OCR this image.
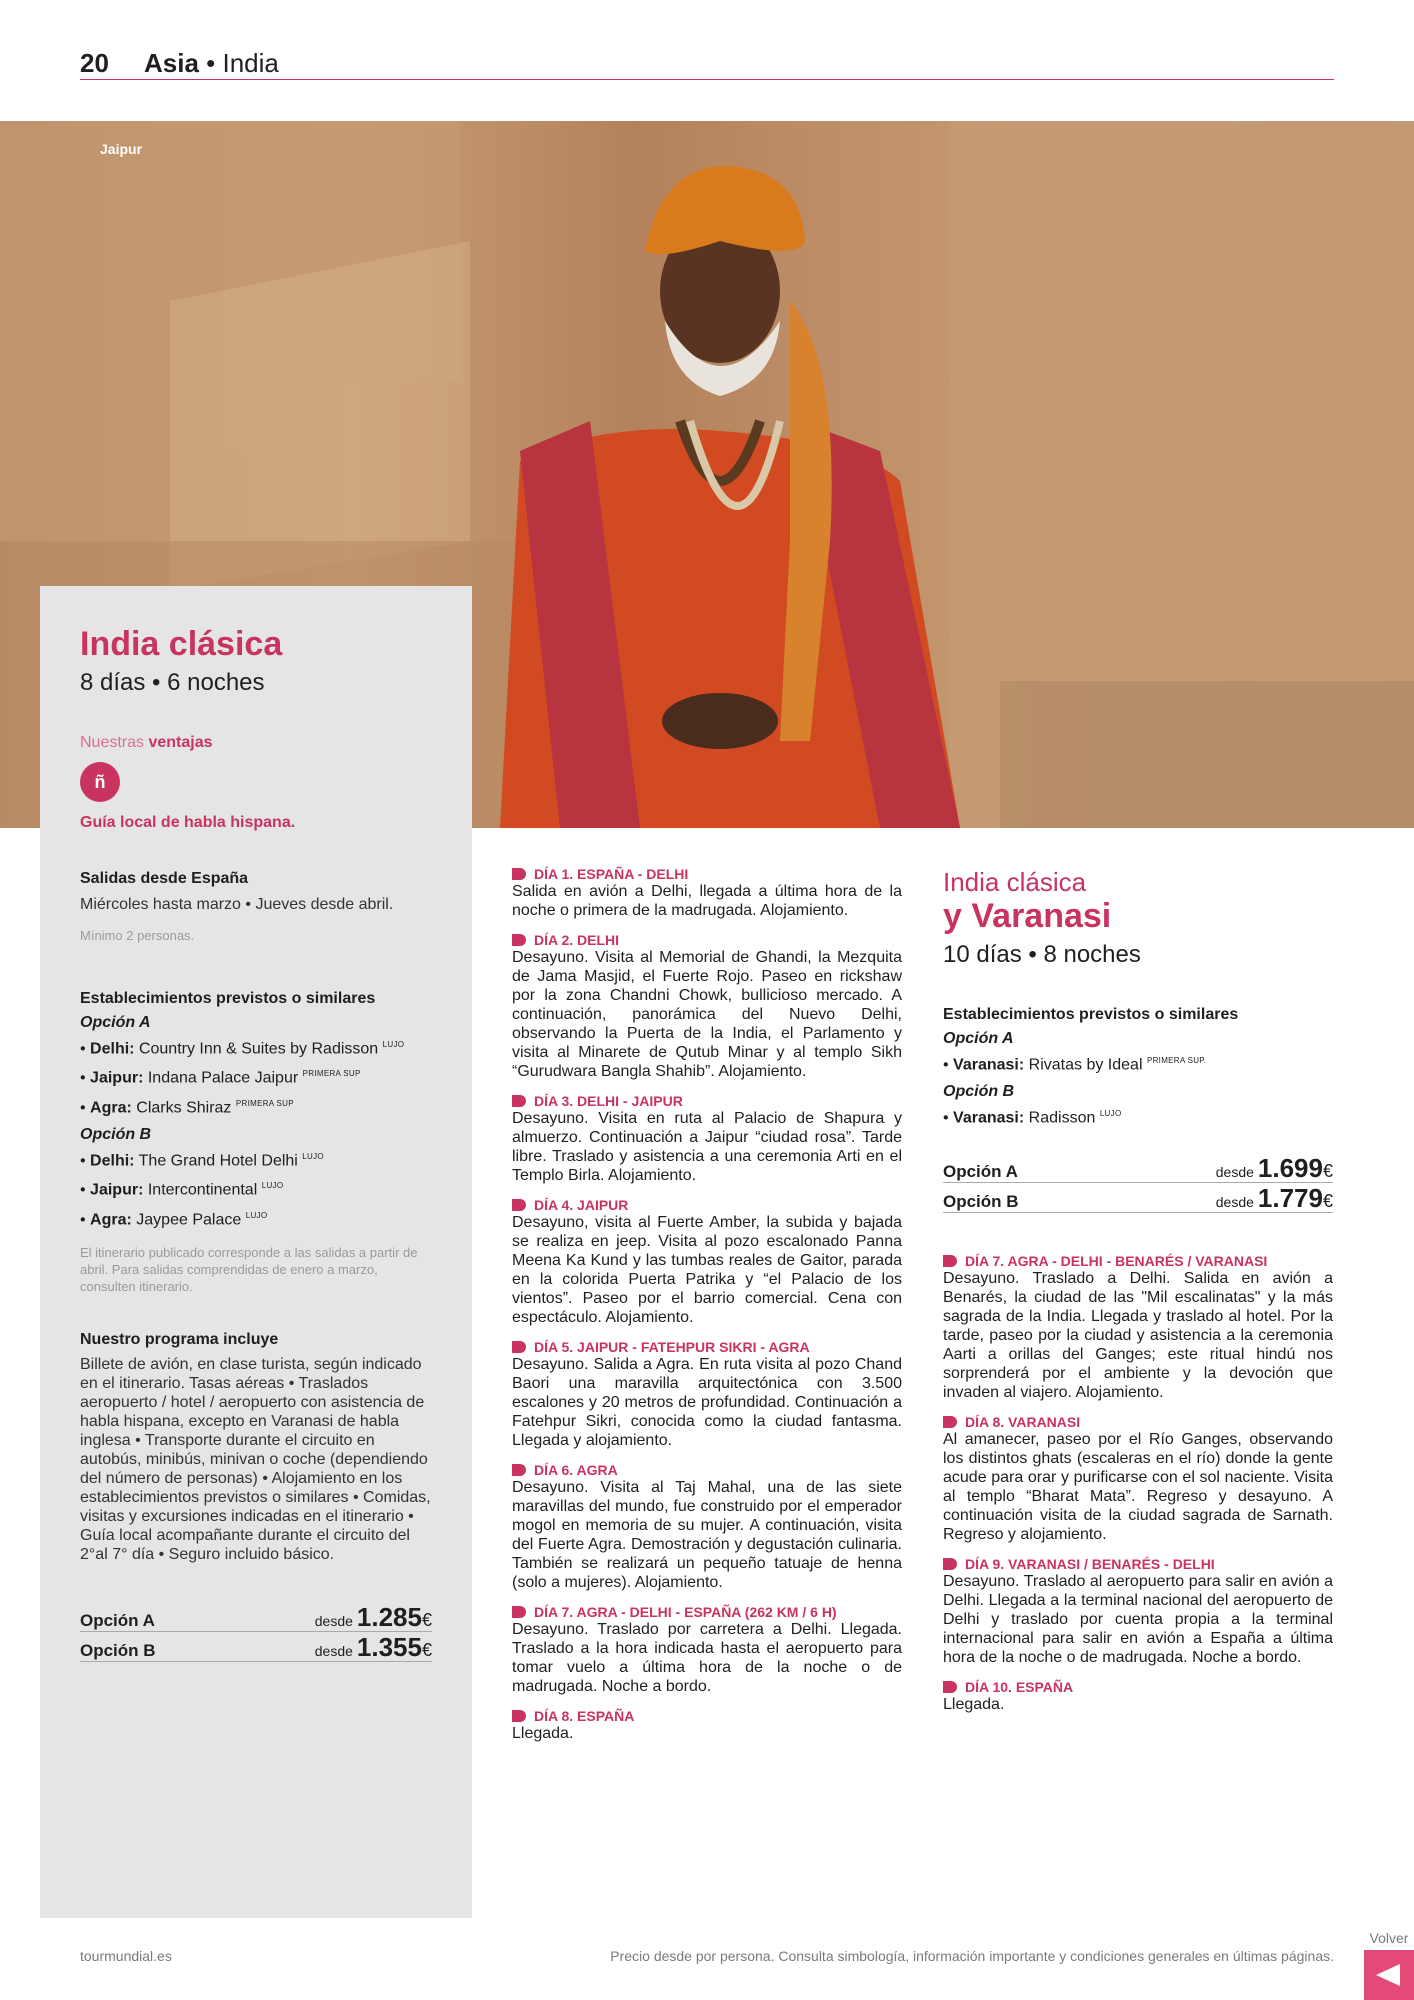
20 Asia • India
Jaipur
India clásica
8 días • 6 noches
Nuestras ventajas
ñ
Guía local de habla hispana.
Salidas desde España
Miércoles hasta marzo • Jueves desde abril.
Mínimo 2 personas.
Establecimientos previstos o similares
Opción A
• Delhi: Country Inn & Suites by Radisson $^{LUJO}$
• Jaipur: Indana Palace Jaipur $^{PRIMERA SUP}$
• Agra: Clarks Shiraz $^{PRIMERA SUP}$
Opción B
• Delhi: The Grand Hotel Delhi $^{LUJO}$
• Jaipur: Intercontinental $^{LUJO}$
• Agra: Jaypee Palace $^{LUJO}$
El itinerario publicado corresponde a las salidas a partir de abril. Para salidas comprendidas de enero a marzo, consulten itinerario.
Nuestro programa incluye
Billete de avión, en clase turista, según indicado en el itinerario. Tasas aéreas • Traslados aeropuerto / hotel / aeropuerto con asistencia de habla hispana, excepto en Varanasi de habla inglesa • Transporte durante el circuito en autobús, minibús, minivan o coche (dependiendo del número de personas) • Alojamiento en los establecimientos previstos o similares • Comidas, visitas y excursiones indicadas en el itinerario • Guía local acompañante durante el circuito del 2°al 7° día • Seguro incluido básico.
Opción A	desde 1.285€
Opción B	desde 1.355€
DÍA 1. ESPAÑA - DELHI
Salida en avión a Delhi, llegada a última hora de la noche o primera de la madrugada. Alojamiento.
DÍA 2. DELHI
Desayuno. Visita al Memorial de Ghandi, la Mezquita de Jama Masjid, el Fuerte Rojo. Paseo en rickshaw por la zona Chandni Chowk, bullicioso mercado. A continuación, panorámica del Nuevo Delhi, observando la Puerta de la India, el Parlamento y visita al Minarete de Qutub Minar y al templo Sikh “Gurudwara Bangla Shahib”. Alojamiento.
DÍA 3. DELHI - JAIPUR
Desayuno. Visita en ruta al Palacio de Shapura y almuerzo. Continuación a Jaipur “ciudad rosa”. Tarde libre. Traslado y asistencia a una ceremonia Arti en el Templo Birla. Alojamiento.
DÍA 4. JAIPUR
Desayuno, visita al Fuerte Amber, la subida y bajada se realiza en jeep. Visita al pozo escalonado Panna Meena Ka Kund y las tumbas reales de Gaitor, parada en la colorida Puerta Patrika y “el Palacio de los vientos”. Paseo por el barrio comercial. Cena con espectáculo. Alojamiento.
DÍA 5. JAIPUR - FATEHPUR SIKRI - AGRA
Desayuno. Salida a Agra. En ruta visita al pozo Chand Baori una maravilla arquitectónica con 3.500 escalones y 20 metros de profundidad. Continuación a Fatehpur Sikri, conocida como la ciudad fantasma. Llegada y alojamiento.
DÍA 6. AGRA
Desayuno. Visita al Taj Mahal, una de las siete maravillas del mundo, fue construido por el emperador mogol en memoria de su mujer. A continuación, visita del Fuerte Agra. Demostración y degustación culinaria. También se realizará un pequeño tatuaje de henna (solo a mujeres). Alojamiento.
DÍA 7. AGRA - DELHI - ESPAÑA (262 KM / 6 H)
Desayuno. Traslado por carretera a Delhi. Llegada. Traslado a la hora indicada hasta el aeropuerto para tomar vuelo a última hora de la noche o de madrugada. Noche a bordo.
DÍA 8. ESPAÑA
Llegada.
India clásica
y Varanasi
10 días • 8 noches
Establecimientos previstos o similares
Opción A
• Varanasi: Rivatas by Ideal $^{PRIMERA SUP.}$
Opción B
• Varanasi: Radisson $^{LUJO}$
Opción A	desde 1.699€
Opción B	desde 1.779€
DÍA 7. AGRA - DELHI - BENARÉS / VARANASI
Desayuno. Traslado a Delhi. Salida en avión a Benarés, la ciudad de las "Mil escalinatas" y la más sagrada de la India. Llegada y traslado al hotel. Por la tarde, paseo por la ciudad y asistencia a la ceremonia Aarti a orillas del Ganges; este ritual hindú nos sorprenderá por el ambiente y la devoción que invaden al viajero. Alojamiento.
DÍA 8. VARANASI
Al amanecer, paseo por el Río Ganges, observando los distintos ghats (escaleras en el río) donde la gente acude para orar y purificarse con el sol naciente. Visita al templo “Bharat Mata”. Regreso y desayuno. A continuación visita de la ciudad sagrada de Sarnath. Regreso y alojamiento.
DÍA 9. VARANASI / BENARÉS - DELHI
Desayuno. Traslado al aeropuerto para salir en avión a Delhi. Llegada a la terminal nacional del aeropuerto de Delhi y traslado por cuenta propia a la terminal internacional para salir en avión a España a última hora de la noche o de madrugada. Noche a bordo.
DÍA 10. ESPAÑA
Llegada.
tourmundial.es	Precio desde por persona. Consulta simbología, información importante y condiciones generales en últimas páginas.
Volver
